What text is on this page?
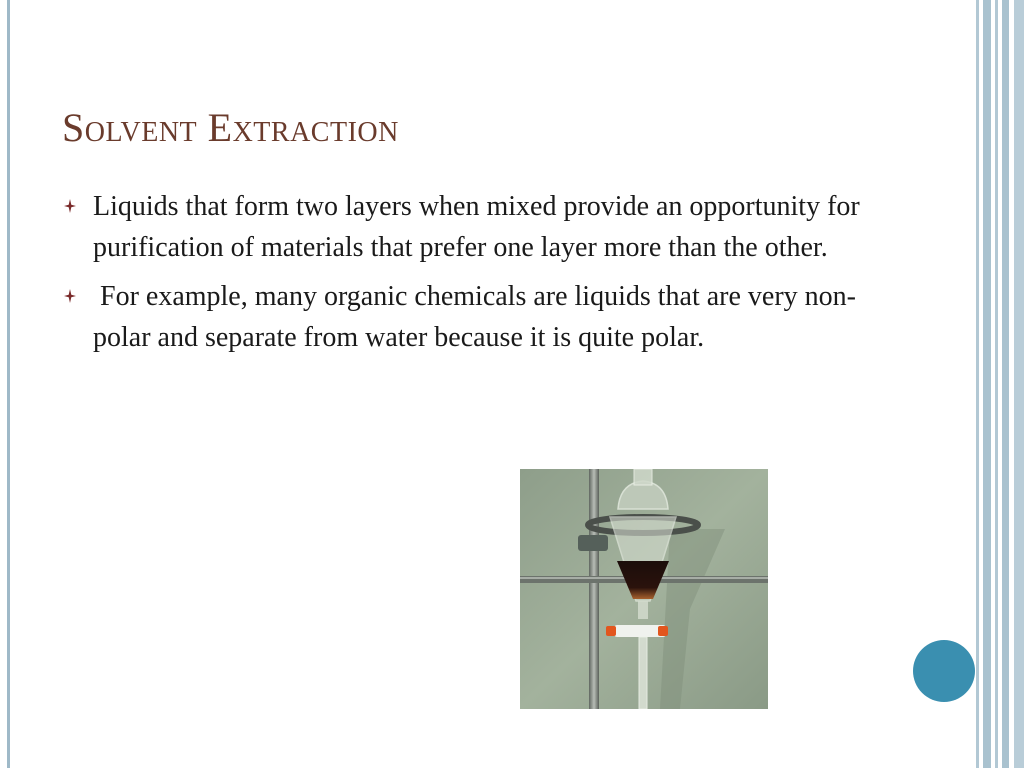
Solvent Extraction
Liquids that form two layers when mixed provide an opportunity for purification of materials that prefer one layer more than the other.
For example, many organic chemicals are liquids that are very non-polar and separate from water because it is quite polar.
